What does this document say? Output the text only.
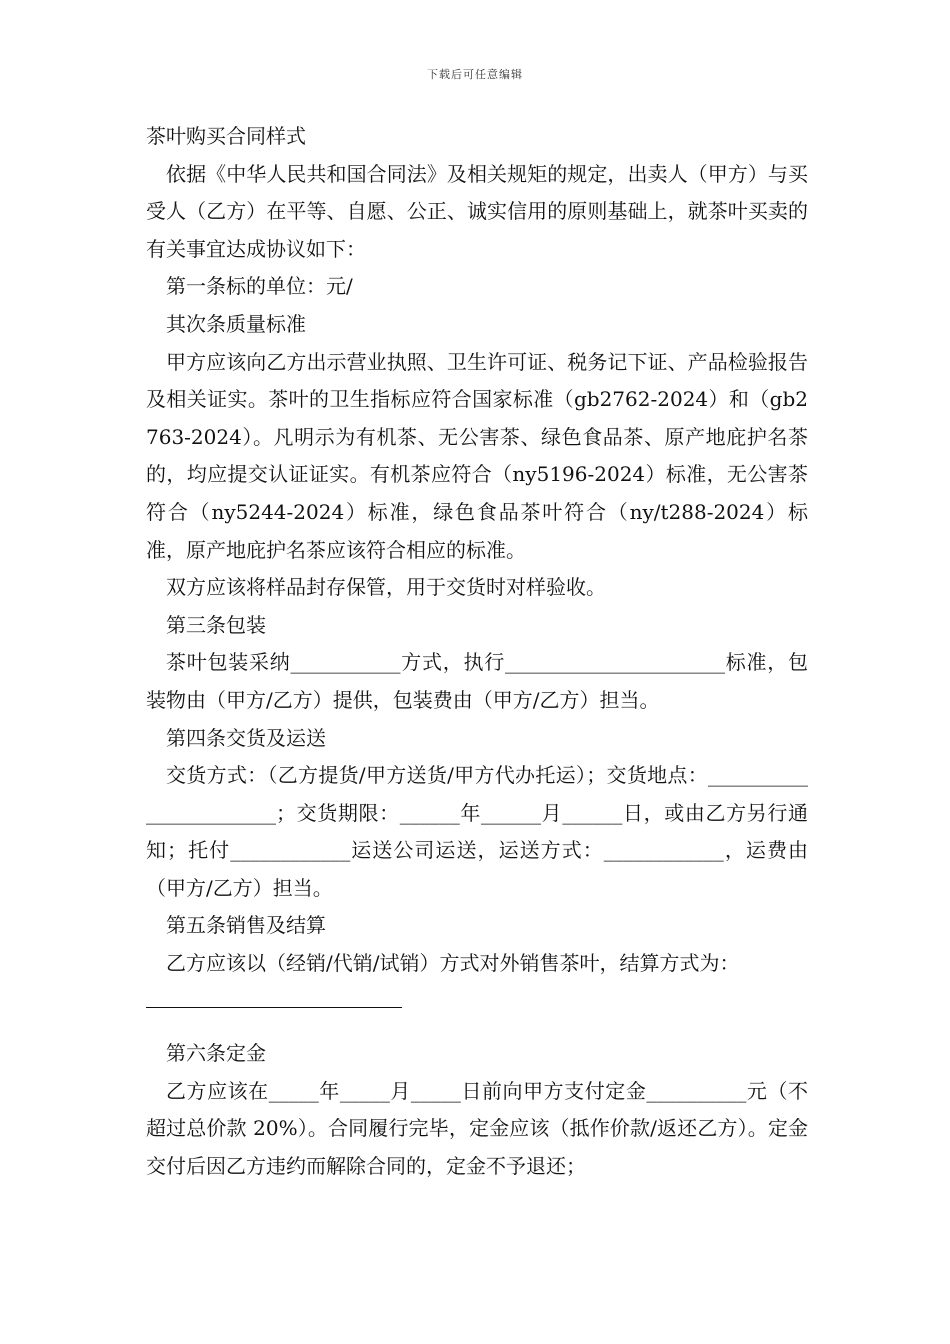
下载后可任意编辑

茶叶购买合同样式

依据《中华人民共和国合同法》及相关规矩的规定，出卖人（甲方）与买受人（乙方）在平等、自愿、公正、诚实信用的原则基础上，就茶叶买卖的有关事宜达成协议如下：

第一条标的单位：元/

其次条质量标准

甲方应该向乙方出示营业执照、卫生许可证、税务记下证、产品检验报告及相关证实。茶叶的卫生指标应符合国家标准（gb2762-2024）和（gb2763-2024）。凡明示为有机茶、无公害茶、绿色食品茶、原产地庇护名茶的，均应提交认证证实。有机茶应符合（ny5196-2024）标准，无公害茶符合（ny5244-2024）标准，绿色食品茶叶符合（ny/t288-2024）标准，原产地庇护名茶应该符合相应的标准。

双方应该将样品封存保管，用于交货时对样验收。

第三条包装

茶叶包装采纳___________方式，执行______________________标准，包装物由（甲方/乙方）提供，包装费由（甲方/乙方）担当。

第四条交货及运送

交货方式：（乙方提货/甲方送货/甲方代办托运）；交货地点：_______________________；交货期限：______年______月______日，或由乙方另行通知；托付____________运送公司运送，运送方式：____________，运费由（甲方/乙方）担当。

第五条销售及结算

乙方应该以（经销/代销/试销）方式对外销售茶叶，结算方式为：

第六条定金

乙方应该在_____年_____月_____日前向甲方支付定金__________元（不超过总价款 20%）。合同履行完毕，定金应该（抵作价款/返还乙方）。定金交付后因乙方违约而解除合同的，定金不予退还；
